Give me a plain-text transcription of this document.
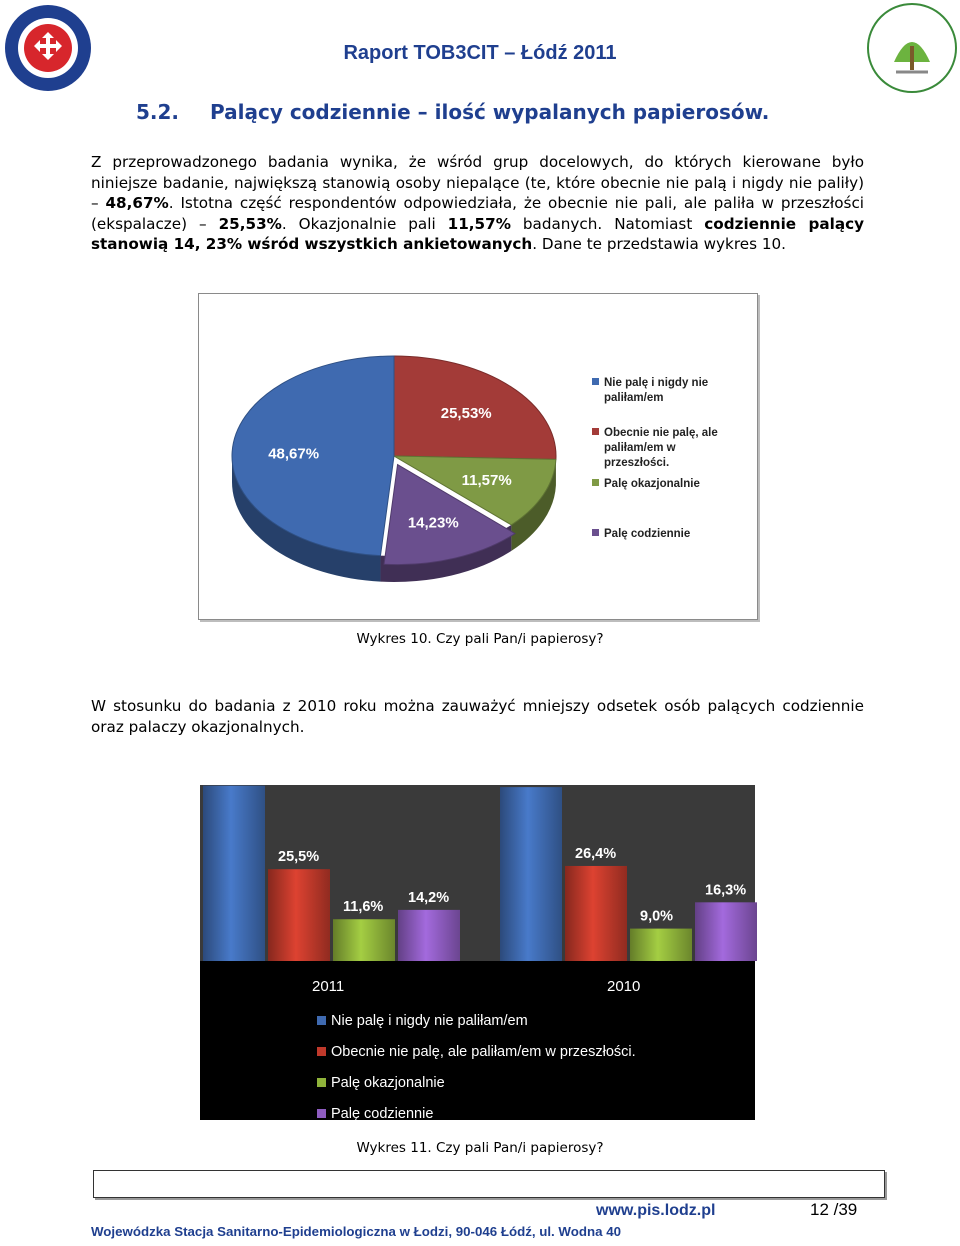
Raport TOB3CIT – Łódź 2011
5.2. Palący codziennie – ilość wypalanych papierosów.
Z przeprowadzonego badania wynika, że wśród grup docelowych, do których kierowane było niniejsze badanie, największą stanowią osoby niepalące (te, które obecnie nie palą i nigdy nie paliły) – 48,67%. Istotna część respondentów odpowiedziała, że obecnie nie pali, ale paliła w przeszłości (ekspalacze) – 25,53%. Okazjonalnie pali 11,57% badanych. Natomiast codziennie palący stanowią 14, 23% wśród wszystkich ankietowanych. Dane te przedstawia wykres 10.
25,53%
11,57%
14,23%
48,67%
Nie palę i nigdy nie
paliłam/em
Obecnie nie palę, ale
paliłam/em w
przeszłości.
Palę okazjonalnie
Palę codziennie
Wykres 10. Czy pali Pan/i papierosy?
W stosunku do badania z 2010 roku można zauważyć mniejszy odsetek osób palących codziennie oraz palaczy okazjonalnych.
48,7%	48,3%
25,5%	26,4%
11,6%
9,0%
14,2%	16,3%
2011	2010
Nie palę i nigdy nie paliłam/em
Obecnie nie palę, ale paliłam/em w przeszłości.
Palę okazjonalnie
Palę codziennie
Wykres 11. Czy pali Pan/i papierosy?
www.pis.lodz.pl	12 /39
Wojewódzka Stacja Sanitarno-Epidemiologiczna w Łodzi, 90-046 Łódź, ul. Wodna 40
